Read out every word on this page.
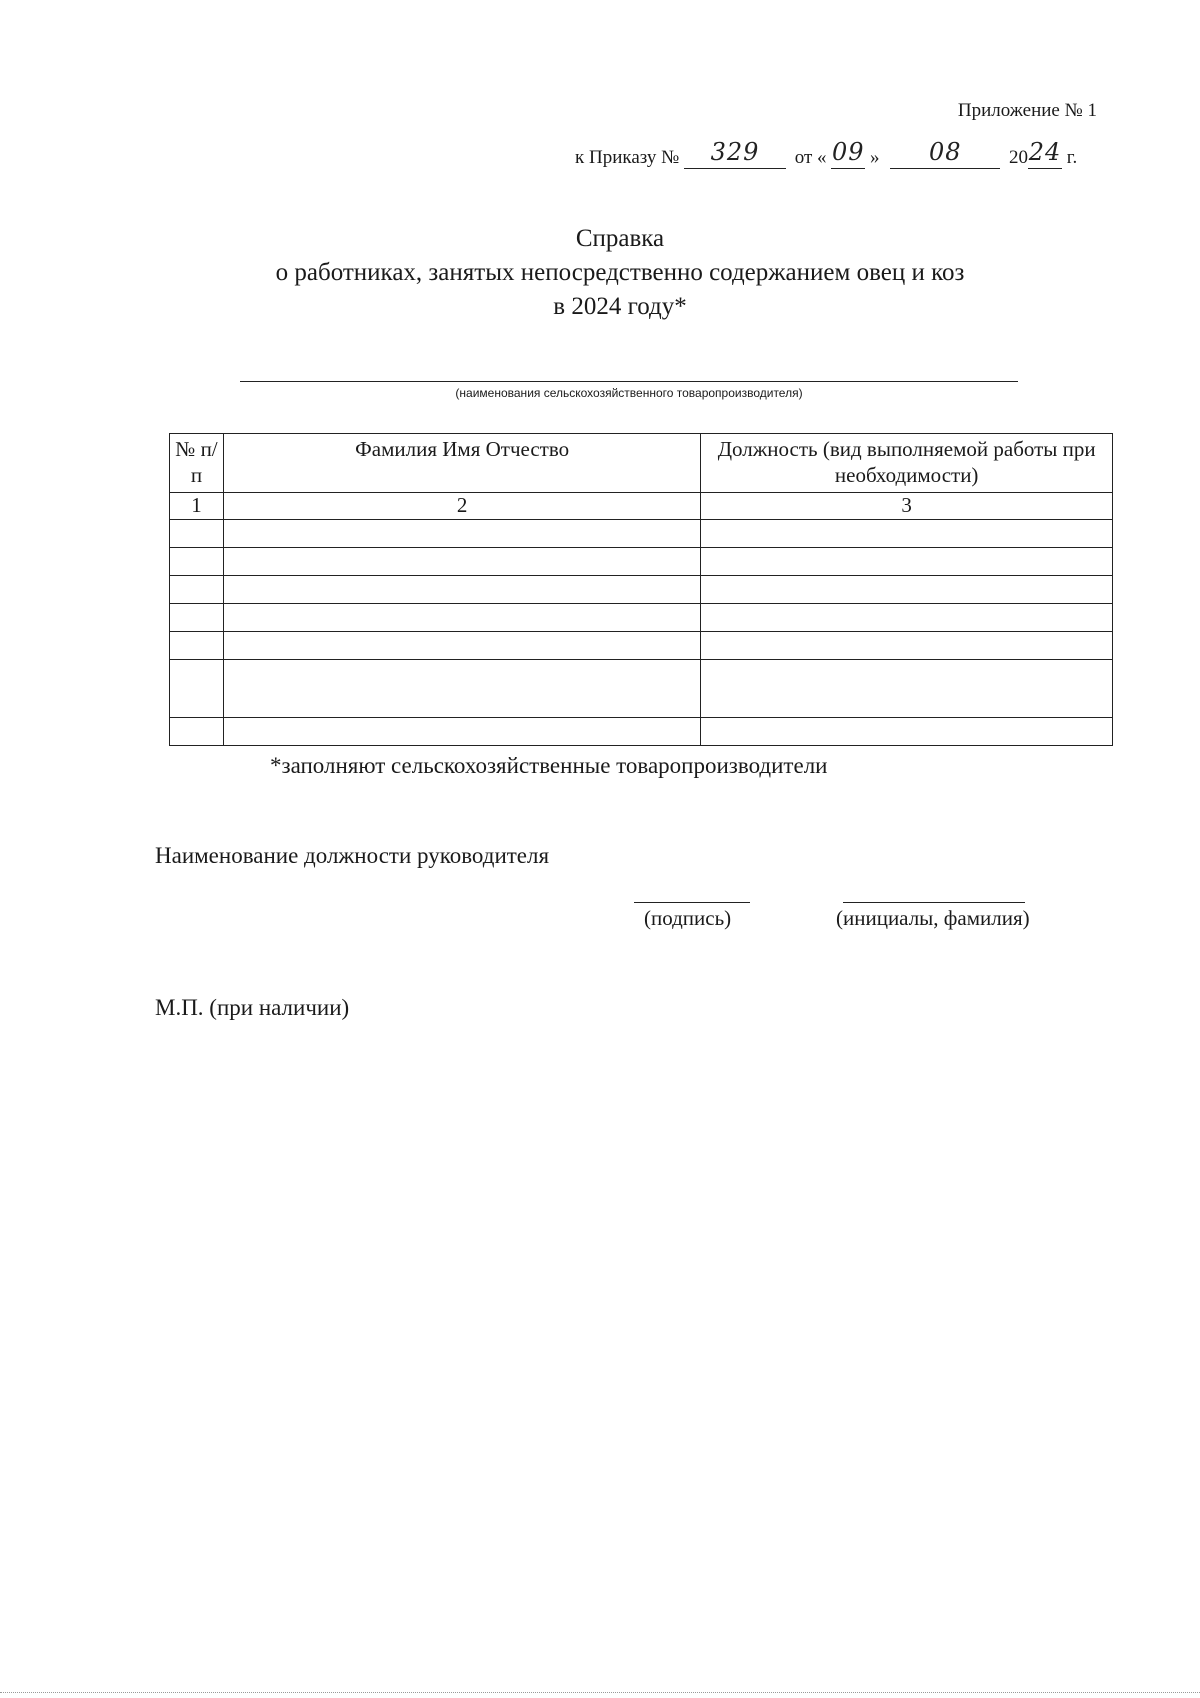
Приложение № 1
к Приказу №	329	от « 09 »	08	20 24 г.
Справка
о работниках, занятых непосредственно содержанием овец и коз
в 2024 году*
(наименования сельскохозяйственного товаропроизводителя)
№ п/п	Фамилия Имя Отчество	Должность (вид выполняемой работы при необходимости)
1	2	3

*заполняют сельскохозяйственные товаропроизводители
Наименование должности руководителя
(подпись)	(инициалы, фамилия)
М.П. (при наличии)
